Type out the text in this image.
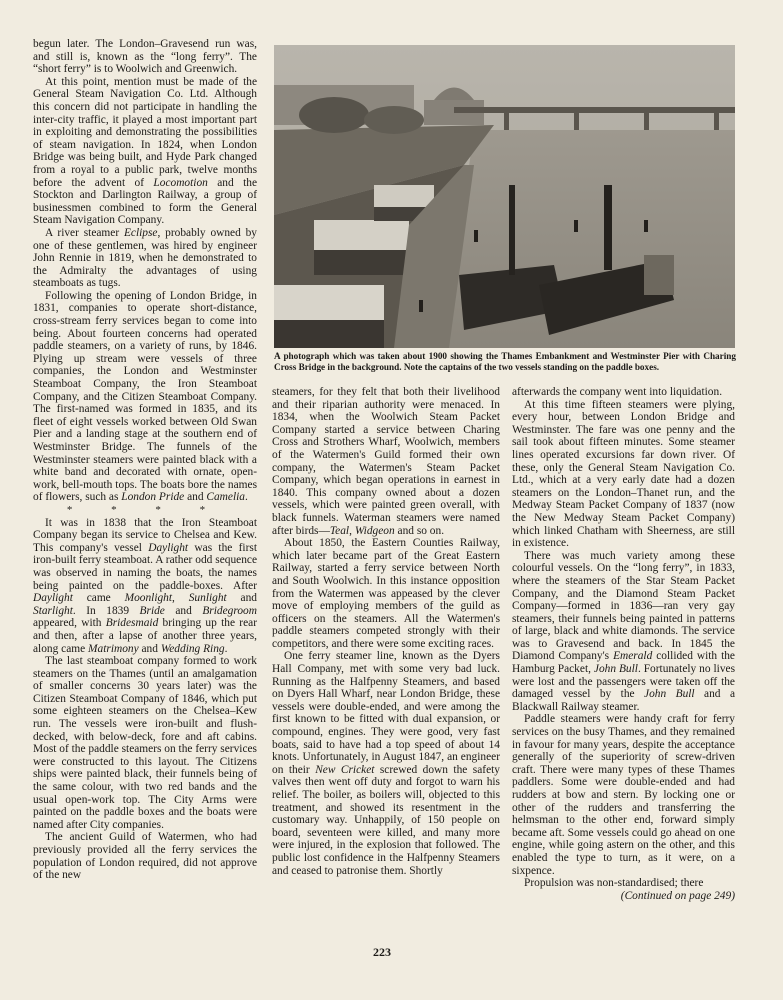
begun later. The London–Gravesend run was, and still is, known as the “long ferry”. The “short ferry” is to Woolwich and Greenwich.

At this point, mention must be made of the General Steam Navigation Co. Ltd. Although this concern did not participate in handling the inter-city traffic, it played a most important part in exploiting and demonstrating the possibilities of steam navigation. In 1824, when London Bridge was being built, and Hyde Park changed from a royal to a public park, twelve months before the advent of Locomotion and the Stockton and Darlington Railway, a group of businessmen combined to form the General Steam Navigation Company.

A river steamer Eclipse, probably owned by one of these gentlemen, was hired by engineer John Rennie in 1819, when he demonstrated to the Admiralty the advantages of using steamboats as tugs.

Following the opening of London Bridge, in 1831, companies to operate short-distance, cross-stream ferry services began to come into being. About fourteen concerns had operated paddle steamers, on a variety of runs, by 1846. Plying up stream were vessels of three companies, the London and Westminster Steamboat Company, the Iron Steamboat Company, and the Citizen Steamboat Company. The first-named was formed in 1835, and its fleet of eight vessels worked between Old Swan Pier and a landing stage at the southern end of Westminster Bridge. The funnels of the Westminster steamers were painted black with a white band and decorated with ornate, open-work, bell-mouth tops. The boats bore the names of flowers, such as London Pride and Camelia.

* * * *

It was in 1838 that the Iron Steamboat Company began its service to Chelsea and Kew. This company's vessel Daylight was the first iron-built ferry steamboat. A rather odd sequence was observed in naming the boats, the names being painted on the paddle-boxes. After Daylight came Moonlight, Sunlight and Starlight. In 1839 Bride and Bridegroom appeared, with Bridesmaid bringing up the rear and then, after a lapse of another three years, along came Matrimony and Wedding Ring.

The last steamboat company formed to work steamers on the Thames (until an amalgamation of smaller concerns 30 years later) was the Citizen Steamboat Company of 1846, which put some eighteen steamers on the Chelsea–Kew run. The vessels were iron-built and flush-decked, with below-deck, fore and aft cabins. Most of the paddle steamers on the ferry services were constructed to this layout. The Citizens ships were painted black, their funnels being of the same colour, with two red bands and the usual open-work top. The City Arms were painted on the paddle boxes and the boats were named after City companies.

The ancient Guild of Watermen, who had previously provided all the ferry services the population of London required, did not approve of the new

A photograph which was taken about 1900 showing the Thames Embankment and Westminster Pier with Charing Cross Bridge in the background. Note the captains of the two vessels standing on the paddle boxes.

steamers, for they felt that both their livelihood and their riparian authority were menaced. In 1834, when the Woolwich Steam Packet Company started a service between Charing Cross and Strothers Wharf, Woolwich, members of the Watermen's Guild formed their own company, the Watermen's Steam Packet Company, which began operations in earnest in 1840. This company owned about a dozen vessels, which were painted green overall, with black funnels. Waterman steamers were named after birds—Teal, Widgeon and so on.

About 1850, the Eastern Counties Railway, which later became part of the Great Eastern Railway, started a ferry service between North and South Woolwich. In this instance opposition from the Watermen was appeased by the clever move of employing members of the guild as officers on the steamers. All the Watermen's paddle steamers competed strongly with their competitors, and there were some exciting races.

One ferry steamer line, known as the Dyers Hall Company, met with some very bad luck. Running as the Halfpenny Steamers, and based on Dyers Hall Wharf, near London Bridge, these vessels were double-ended, and were among the first known to be fitted with dual expansion, or compound, engines. They were good, very fast boats, said to have had a top speed of about 14 knots. Unfortunately, in August 1847, an engineer on their New Cricket screwed down the safety valves then went off duty and forgot to warn his relief. The boiler, as boilers will, objected to this treatment, and showed its resentment in the customary way. Unhappily, of 150 people on board, seventeen were killed, and many more were injured, in the explosion that followed. The public lost confidence in the Halfpenny Steamers and ceased to patronise them. Shortly

afterwards the company went into liquidation.

At this time fifteen steamers were plying, every hour, between London Bridge and Westminster. The fare was one penny and the sail took about fifteen minutes. Some steamer lines operated excursions far down river. Of these, only the General Steam Navigation Co. Ltd., which at a very early date had a dozen steamers on the London–Thanet run, and the Medway Steam Packet Company of 1837 (now the New Medway Steam Packet Company) which linked Chatham with Sheerness, are still in existence.

There was much variety among these colourful vessels. On the “long ferry”, in 1833, where the steamers of the Star Steam Packet Company, and the Diamond Steam Packet Company—formed in 1836—ran very gay steamers, their funnels being painted in patterns of large, black and white diamonds. The service was to Gravesend and back. In 1845 the Diamond Company's Emerald collided with the Hamburg Packet, John Bull. Fortunately no lives were lost and the passengers were taken off the damaged vessel by the John Bull and a Blackwall Railway steamer.

Paddle steamers were handy craft for ferry services on the busy Thames, and they remained in favour for many years, despite the acceptance generally of the superiority of screw-driven craft. There were many types of these Thames paddlers. Some were double-ended and had rudders at bow and stern. By locking one or other of the rudders and transferring the helmsman to the other end, forward simply became aft. Some vessels could go ahead on one engine, while going astern on the other, and this enabled the type to turn, as it were, on a sixpence.

Propulsion was non-standardised; there

(Continued on page 249)

223
